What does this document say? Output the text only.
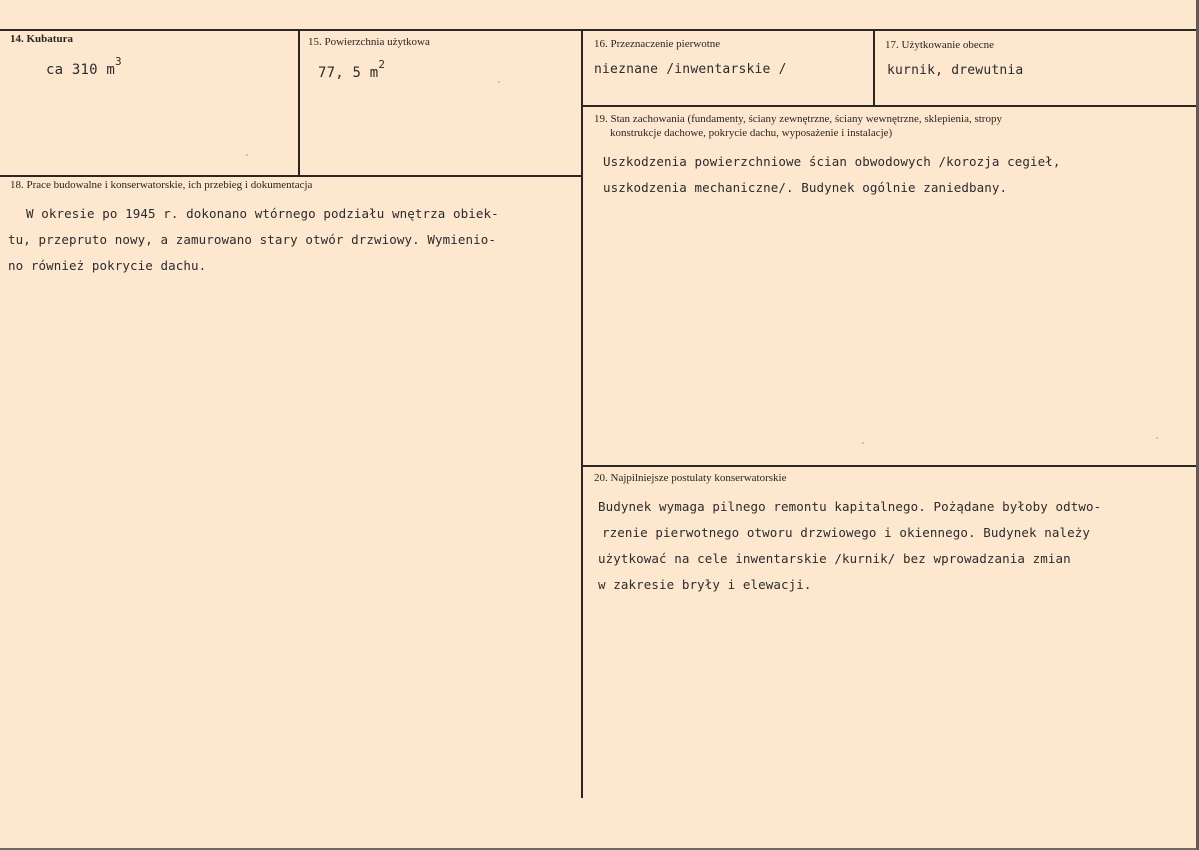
14. Kubatura
ca 310 $m^3$
15. Powierzchnia użytkowa
77, 5 $m^2$
16. Przeznaczenie pierwotne
nieznane /inwentarskie /
17. Użytkowanie obecne
kurnik, drewutnia
18. Prace budowalne i konserwatorskie, ich przebieg i dokumentacja
W okresie po 1945 r. dokonano wtórnego podziału wnętrza obiek-
tu, przepruto nowy, a zamurowano stary otwór drzwiowy. Wymienio-
no również pokrycie dachu.
19. Stan zachowania (fundamenty, ściany zewnętrzne, ściany wewnętrzne, sklepienia, stropy
konstrukcje dachowe, pokrycie dachu, wyposażenie i instalacje)
Uszkodzenia powierzchniowe ścian obwodowych /korozja cegieł,
uszkodzenia mechaniczne/. Budynek ogólnie zaniedbany.
20. Najpilniejsze postulaty konserwatorskie
Budynek wymaga pilnego remontu kapitalnego. Pożądane byłoby odtwo-
rzenie pierwotnego otworu drzwiowego i okiennego. Budynek należy
użytkować na cele inwentarskie /kurnik/ bez wprowadzania zmian
w zakresie bryły i elewacji.
